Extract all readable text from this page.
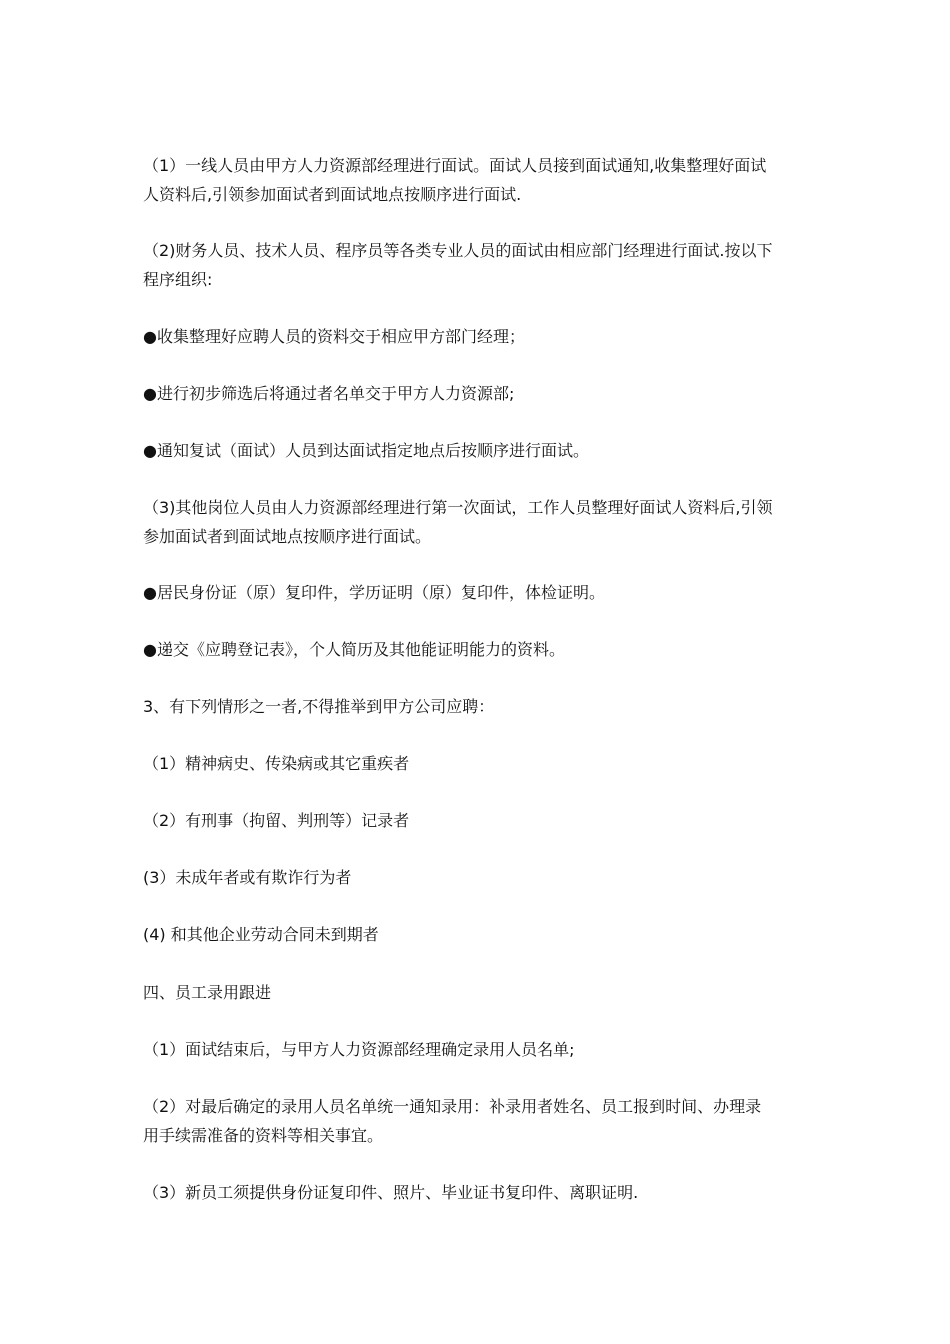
（1）一线人员由甲方人力资源部经理进行面试。面试人员接到面试通知,收集整理好面试
人资料后,引领参加面试者到面试地点按顺序进行面试.
（2)财务人员、技术人员、程序员等各类专业人员的面试由相应部门经理进行面试.按以下
程序组织:
●收集整理好应聘人员的资料交于相应甲方部门经理；
●进行初步筛选后将通过者名单交于甲方人力资源部;
●通知复试（面试）人员到达面试指定地点后按顺序进行面试。
（3)其他岗位人员由人力资源部经理进行第一次面试，工作人员整理好面试人资料后,引领
参加面试者到面试地点按顺序进行面试。
●居民身份证（原）复印件，学历证明（原）复印件，体检证明。
●递交《应聘登记表》，个人简历及其他能证明能力的资料。
3、有下列情形之一者,不得推举到甲方公司应聘：
（1）精神病史、传染病或其它重疾者
（2）有刑事（拘留、判刑等）记录者
(3）未成年者或有欺诈行为者
(4) 和其他企业劳动合同未到期者
四、员工录用跟进
（1）面试结束后，与甲方人力资源部经理确定录用人员名单;
（2）对最后确定的录用人员名单统一通知录用：补录用者姓名、员工报到时间、办理录
用手续需准备的资料等相关事宜。
（3）新员工须提供身份证复印件、照片、毕业证书复印件、离职证明.
